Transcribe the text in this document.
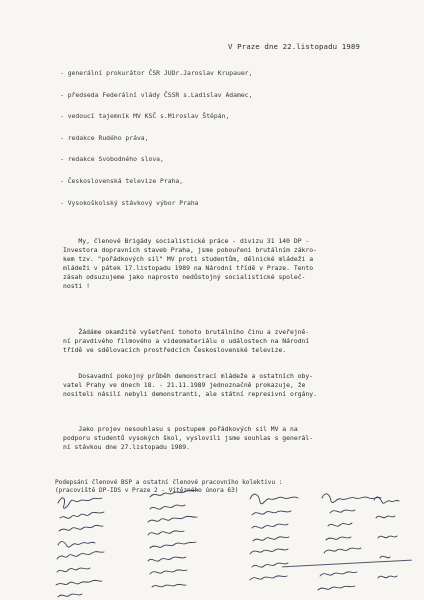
V Praze dne 22.listopadu 1989
- generální prokurátor ČSR JUDr.Jaroslav Krupauer,
- předseda Federální vlády ČSSR s.Ladislav Adamec,
- vedoucí tajemník MV KSČ s.Miroslav Štěpán,
- redakce Rudého práva,
- redakce Svobodného slova,
- Československá televize Praha,
- Vysokoškolský stávkový výbor Praha
My, členové Brigády socialistické práce - divizu 31 140 DP -
Investora dopravních staveb Praha, jsme pobouřeni brutálním zákro-
kem tzv. "pořádkových sil" MV proti studentům, dělnické mládeži a
mládeži v pátek 17.listopadu 1989 na Národní třídě v Praze. Tento
zásah odsuzujeme jako naprosto nedůstojný socialistické společ-
nosti !
Žádáme okamžité vyšetření tohoto brutálního činu a zveřejně-
ní pravdivého filmového a videomateriálu o událostech na Národní
třídě ve sdělovacích prostředcích Československé televize.
Dosavadní pokojný průběh demonstrací mládeže a ostatních oby-
vatel Prahy ve dnech 18. - 21.11.1989 jednoznačně prokazuje, že
nositeli násilí nebyli demonstranti, ale státní represivní orgány.
Jako projev nesouhlasu s postupem pořádkových sil MV a na
podporu studentů vysokých škol, vyslovili jsme souhlas s generál-
ní stávkou dne 27.listopadu 1989.
Podepsání členové BSP a ostatní členové pracovního kolektivu :
(pracoviště DP-IDS v Praze 2 - Vítězného února 63)
